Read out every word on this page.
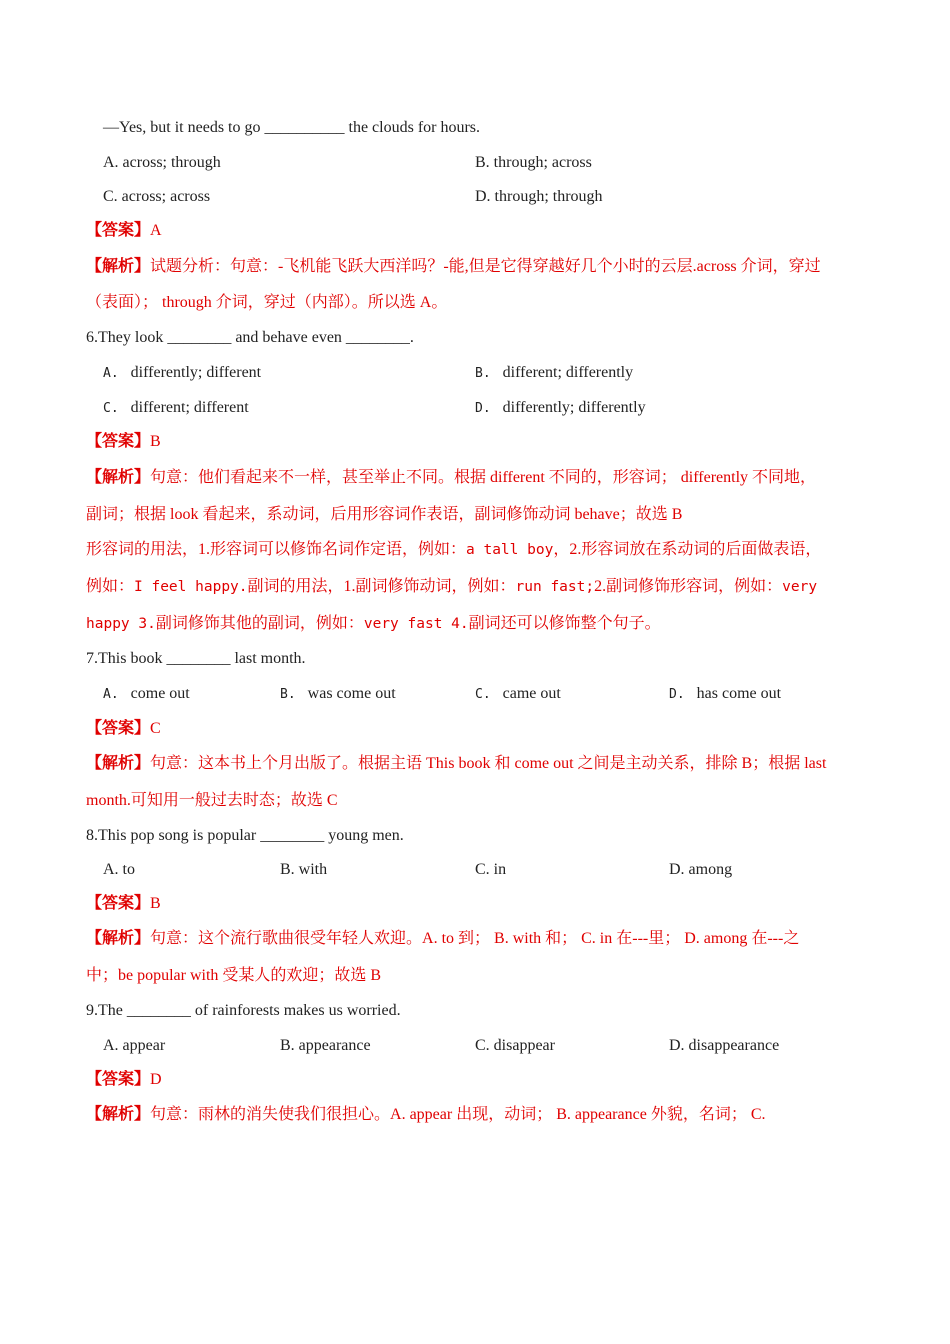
—Yes, but it needs to go __________ the clouds for hours.
A. across; through	B. through; across
C. across; across	D. through; through
【答案】A
【解析】试题分析：句意：-飞机能飞跃大西洋吗？-能,但是它得穿越好几个小时的云层.across 介词，穿过
（表面）； through 介词，穿过（内部）。所以选 A。
6.They look ________ and behave even ________.
A. differently; different	B. different; differently
C. different; different	D. differently; differently
【答案】B
【解析】句意：他们看起来不一样，甚至举止不同。根据 different 不同的，形容词； differently 不同地，
副词；根据 look 看起来，系动词，后用形容词作表语，副词修饰动词 behave；故选 B
形容词的用法，1.形容词可以修饰名词作定语，例如：a tall boy，2.形容词放在系动词的后面做表语，
例如：I feel happy.副词的用法，1.副词修饰动词，例如：run fast;2.副词修饰形容词，例如：very
happy 3.副词修饰其他的副词，例如：very fast 4.副词还可以修饰整个句子。
7.This book ________ last month.
A. come out	B. was come out	C. came out	D. has come out
【答案】C
【解析】句意：这本书上个月出版了。根据主语 This book 和 come out 之间是主动关系，排除 B；根据 last
month.可知用一般过去时态；故选 C
8.This pop song is popular ________ young men.
A. to	B. with	C. in	D. among
【答案】B
【解析】句意：这个流行歌曲很受年轻人欢迎。A. to 到； B. with 和； C. in 在---里； D. among 在---之
中；be popular with 受某人的欢迎；故选 B
9.The ________ of rainforests makes us worried.
A. appear	B. appearance	C. disappear	D. disappearance
【答案】D
【解析】句意：雨林的消失使我们很担心。A. appear 出现，动词； B. appearance 外貌，名词； C.
